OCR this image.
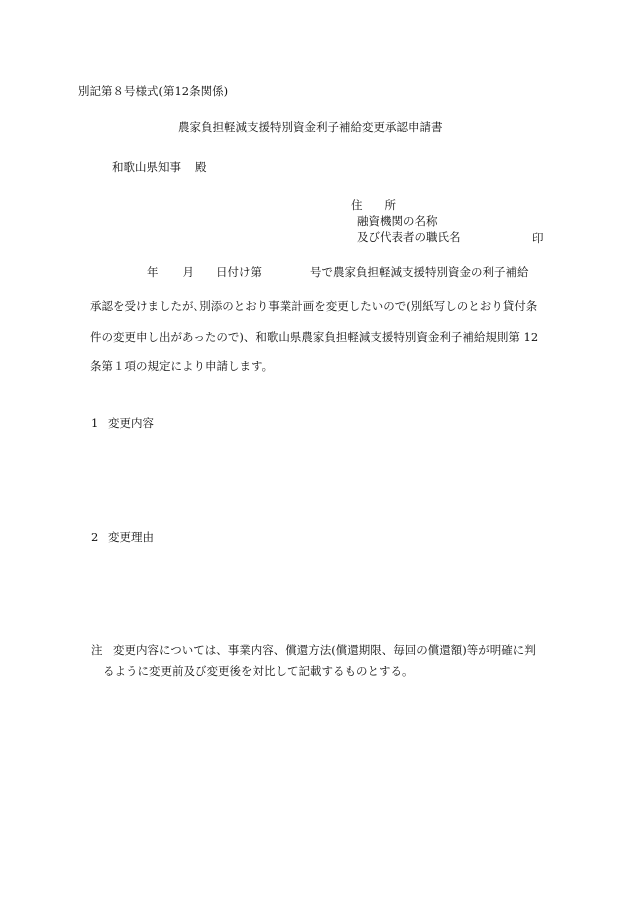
別記第８号様式(第12条関係)
農家負担軽減支援特別資金利子補給変更承認申請書
和歌山県知事 殿
住 所
融資機関の名称
及び代表者の職氏名	印
年 月 日付け第	号で農家負担軽減支援特別資金の利子補給
承認を受けましたが､別添のとおり事業計画を変更したいので(別紙写しのとおり貸付条
件の変更申し出があったので)、和歌山県農家負担軽減支援特別資金利子補給規則第 12
条第１項の規定により申請します。
1 変更内容
2 変更理由
注 変更内容については、事業内容、償還方法(償還期限、毎回の償還額)等が明確に判
るように変更前及び変更後を対比して記載するものとする。
